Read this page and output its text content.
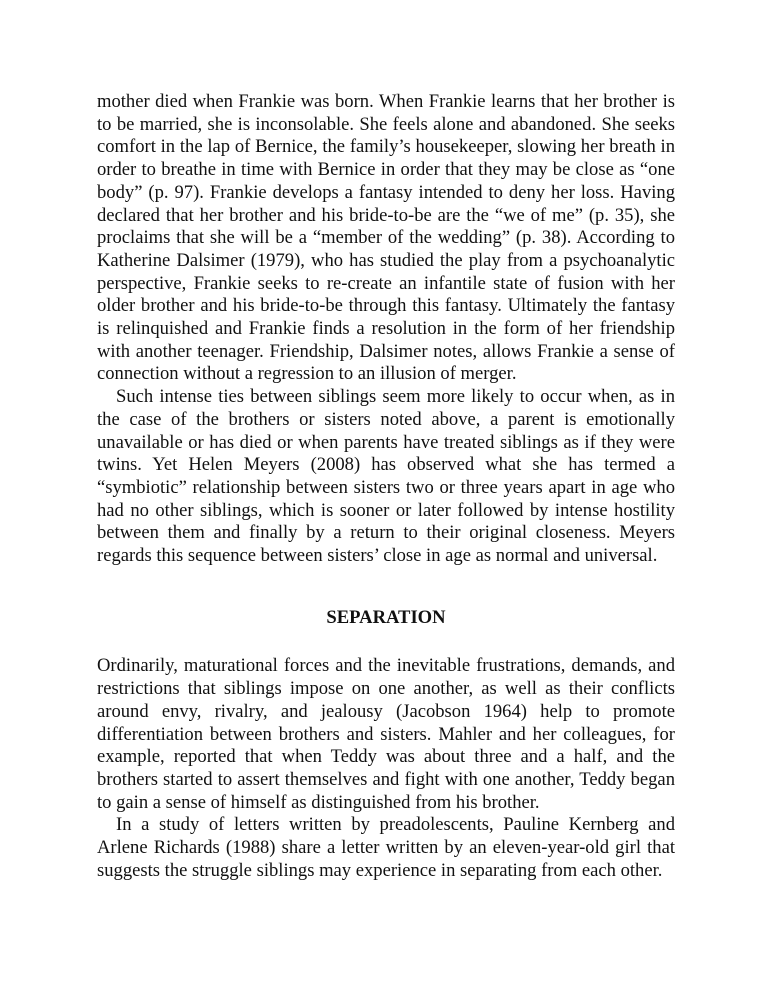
mother died when Frankie was born. When Frankie learns that her brother is to be married, she is inconsolable. She feels alone and abandoned. She seeks comfort in the lap of Bernice, the family’s housekeeper, slowing her breath in order to breathe in time with Bernice in order that they may be close as “one body” (p. 97). Frankie develops a fantasy intended to deny her loss. Having declared that her brother and his bride-to-be are the “we of me” (p. 35), she proclaims that she will be a “member of the wedding” (p. 38). According to Katherine Dalsimer (1979), who has studied the play from a psychoanalytic perspective, Frankie seeks to re-create an infantile state of fusion with her older brother and his bride-to-be through this fantasy. Ultimately the fantasy is relinquished and Frankie finds a resolution in the form of her friendship with another teenager. Friendship, Dalsimer notes, allows Frankie a sense of connection without a regression to an illusion of merger.

Such intense ties between siblings seem more likely to occur when, as in the case of the brothers or sisters noted above, a parent is emotionally unavailable or has died or when parents have treated siblings as if they were twins. Yet Helen Meyers (2008) has observed what she has termed a “symbiotic” relationship between sisters two or three years apart in age who had no other siblings, which is sooner or later followed by intense hostility between them and finally by a return to their original closeness. Meyers regards this sequence between sisters’ close in age as normal and universal.

SEPARATION

Ordinarily, maturational forces and the inevitable frustrations, demands, and restrictions that siblings impose on one another, as well as their conflicts around envy, rivalry, and jealousy (Jacobson 1964) help to promote differentiation between brothers and sisters. Mahler and her colleagues, for example, reported that when Teddy was about three and a half, and the brothers started to assert themselves and fight with one another, Teddy began to gain a sense of himself as distinguished from his brother.

In a study of letters written by preadolescents, Pauline Kernberg and Arlene Richards (1988) share a letter written by an eleven-year-old girl that suggests the struggle siblings may experience in separating from each other.
